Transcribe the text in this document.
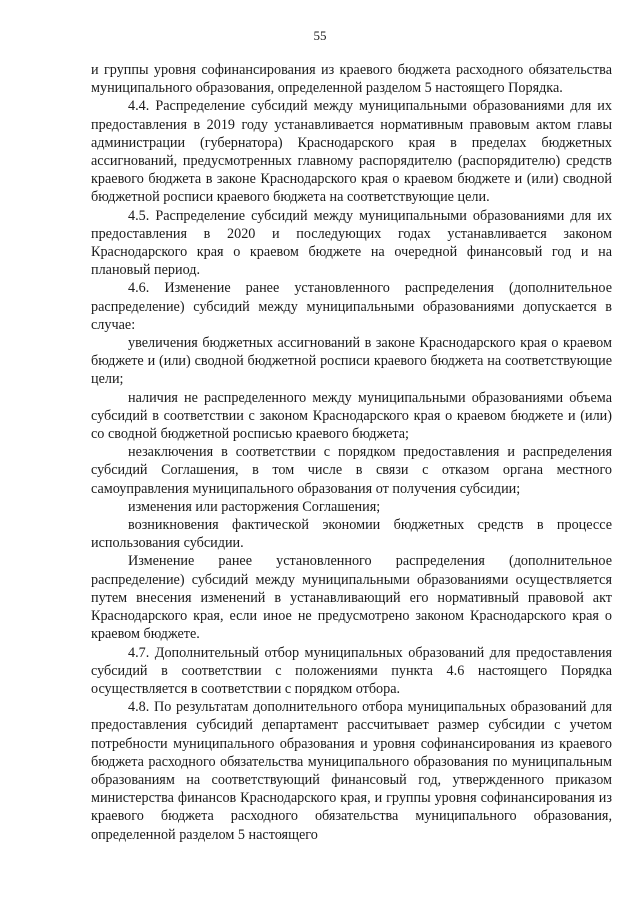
55

и группы уровня софинансирования из краевого бюджета расходного обязательства муниципального образования, определенной разделом 5 настоящего Порядка.

4.4. Распределение субсидий между муниципальными образованиями для их предоставления в 2019 году устанавливается нормативным правовым актом главы администрации (губернатора) Краснодарского края в пределах бюджетных ассигнований, предусмотренных главному распорядителю (распорядителю) средств краевого бюджета в законе Краснодарского края о краевом бюджете и (или) сводной бюджетной росписи краевого бюджета на соответствующие цели.

4.5. Распределение субсидий между муниципальными образованиями для их предоставления в 2020 и последующих годах устанавливается законом Краснодарского края о краевом бюджете на очередной финансовый год и на плановый период.

4.6. Изменение ранее установленного распределения (дополнительное распределение) субсидий между муниципальными образованиями допускается в случае:

увеличения бюджетных ассигнований в законе Краснодарского края о краевом бюджете и (или) сводной бюджетной росписи краевого бюджета на соответствующие цели;

наличия не распределенного между муниципальными образованиями объема субсидий в соответствии с законом Краснодарского края о краевом бюджете и (или) со сводной бюджетной росписью краевого бюджета;

незаключения в соответствии с порядком предоставления и распределения субсидий Соглашения, в том числе в связи с отказом органа местного самоуправления муниципального образования от получения субсидии;

изменения или расторжения Соглашения;

возникновения фактической экономии бюджетных средств в процессе использования субсидии.

Изменение ранее установленного распределения (дополнительное распределение) субсидий между муниципальными образованиями осуществляется путем внесения изменений в устанавливающий его нормативный правовой акт Краснодарского края, если иное не предусмотрено законом Краснодарского края о краевом бюджете.

4.7. Дополнительный отбор муниципальных образований для предоставления субсидий в соответствии с положениями пункта 4.6 настоящего Порядка осуществляется в соответствии с порядком отбора.

4.8. По результатам дополнительного отбора муниципальных образований для предоставления субсидий департамент рассчитывает размер субсидии с учетом потребности муниципального образования и уровня софинансирования из краевого бюджета расходного обязательства муниципального образования по муниципальным образованиям на соответствующий финансовый год, утвержденного приказом министерства финансов Краснодарского края, и группы уровня софинансирования из краевого бюджета расходного обязательства муниципального образования, определенной разделом 5 настоящего
